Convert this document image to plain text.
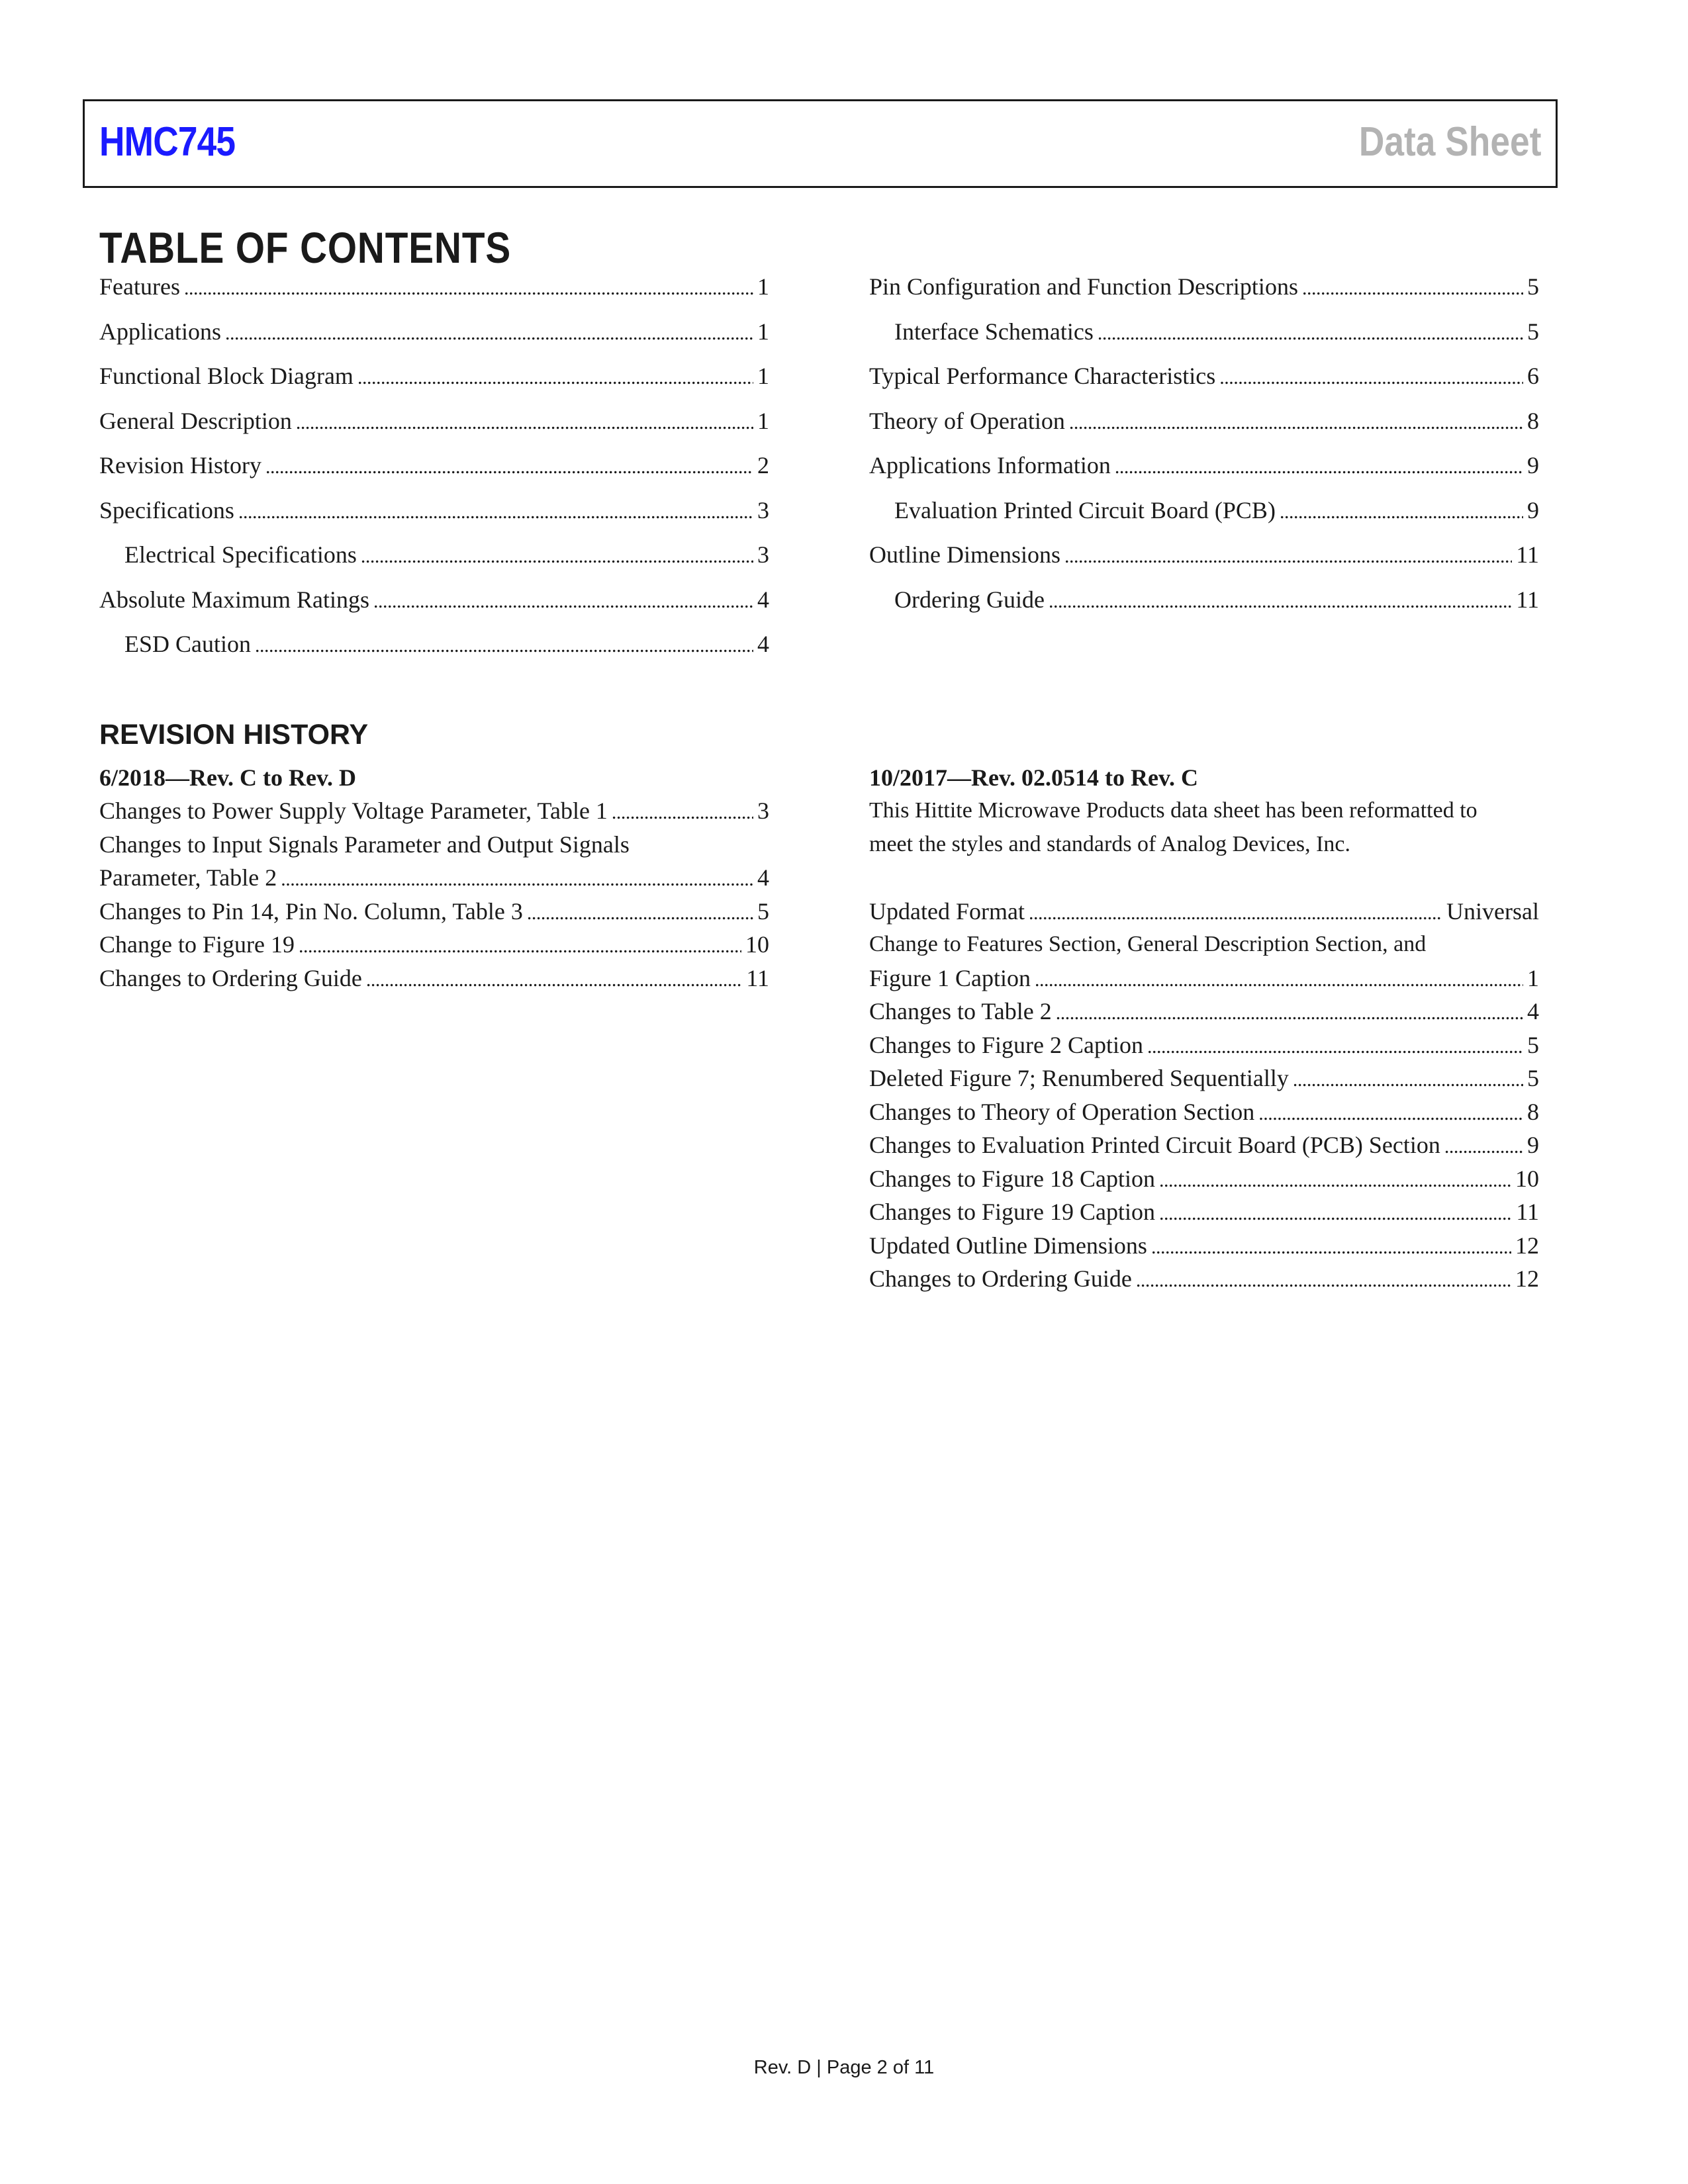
HMC745	Data Sheet
TABLE OF CONTENTS
Features . . .	1
Applications . . .	1
Functional Block Diagram . . .	1
General Description . . .	1
Revision History . . .	2
Specifications . . .	3
Electrical Specifications . . .	3
Absolute Maximum Ratings . . .	4
ESD Caution . . .	4
Pin Configuration and Function Descriptions . . .	5
Interface Schematics . . .	5
Typical Performance Characteristics . . .	6
Theory of Operation . . .	8
Applications Information . . .	9
Evaluation Printed Circuit Board (PCB) . . .	9
Outline Dimensions . . .	11
Ordering Guide . . .	11
REVISION HISTORY
6/2018—Rev. C to Rev. D
Changes to Power Supply Voltage Parameter, Table 1 . . .	3
Changes to Input Signals Parameter and Output Signals
Parameter, Table 2 . . .	4
Changes to Pin 14, Pin No. Column, Table 3 . . .	5
Change to Figure 19 . . .	10
Changes to Ordering Guide . . .	11
10/2017—Rev. 02.0514 to Rev. C
This Hittite Microwave Products data sheet has been reformatted to
meet the styles and standards of Analog Devices, Inc.
Updated Format . . .	Universal
Change to Features Section, General Description Section, and
Figure 1 Caption . . .	1
Changes to Table 2 . . .	4
Changes to Figure 2 Caption . . .	5
Deleted Figure 7; Renumbered Sequentially . . .	5
Changes to Theory of Operation Section . . .	8
Changes to Evaluation Printed Circuit Board (PCB) Section . . .	9
Changes to Figure 18 Caption . . .	10
Changes to Figure 19 Caption . . .	11
Updated Outline Dimensions . . .	12
Changes to Ordering Guide . . .	12
Rev. D | Page 2 of 11
